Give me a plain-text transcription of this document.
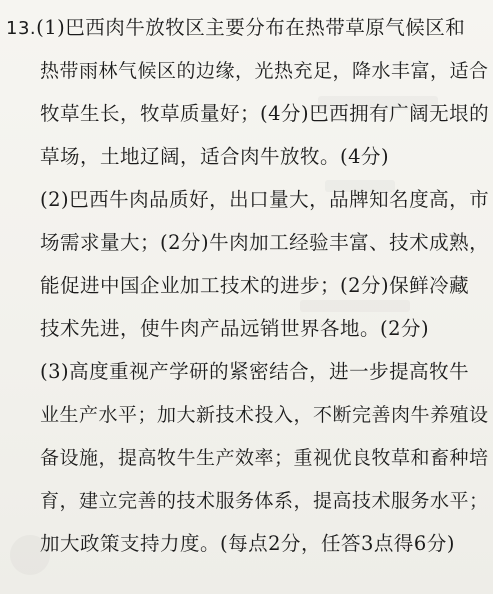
13.(1)巴西肉牛放牧区主要分布在热带草原气候区和
热带雨林气候区的边缘，光热充足，降水丰富，适合
牧草生长，牧草质量好；(4分)巴西拥有广阔无垠的
草场，土地辽阔，适合肉牛放牧。(4分)
(2)巴西牛肉品质好，出口量大，品牌知名度高，市
场需求量大；(2分)牛肉加工经验丰富、技术成熟，
能促进中国企业加工技术的进步；(2分)保鲜冷藏
技术先进，使牛肉产品远销世界各地。(2分)
(3)高度重视产学研的紧密结合，进一步提高牧牛
业生产水平；加大新技术投入，不断完善肉牛养殖设
备设施，提高牧牛生产效率；重视优良牧草和畜种培
育，建立完善的技术服务体系，提高技术服务水平；
加大政策支持力度。(每点2分，任答3点得6分)
